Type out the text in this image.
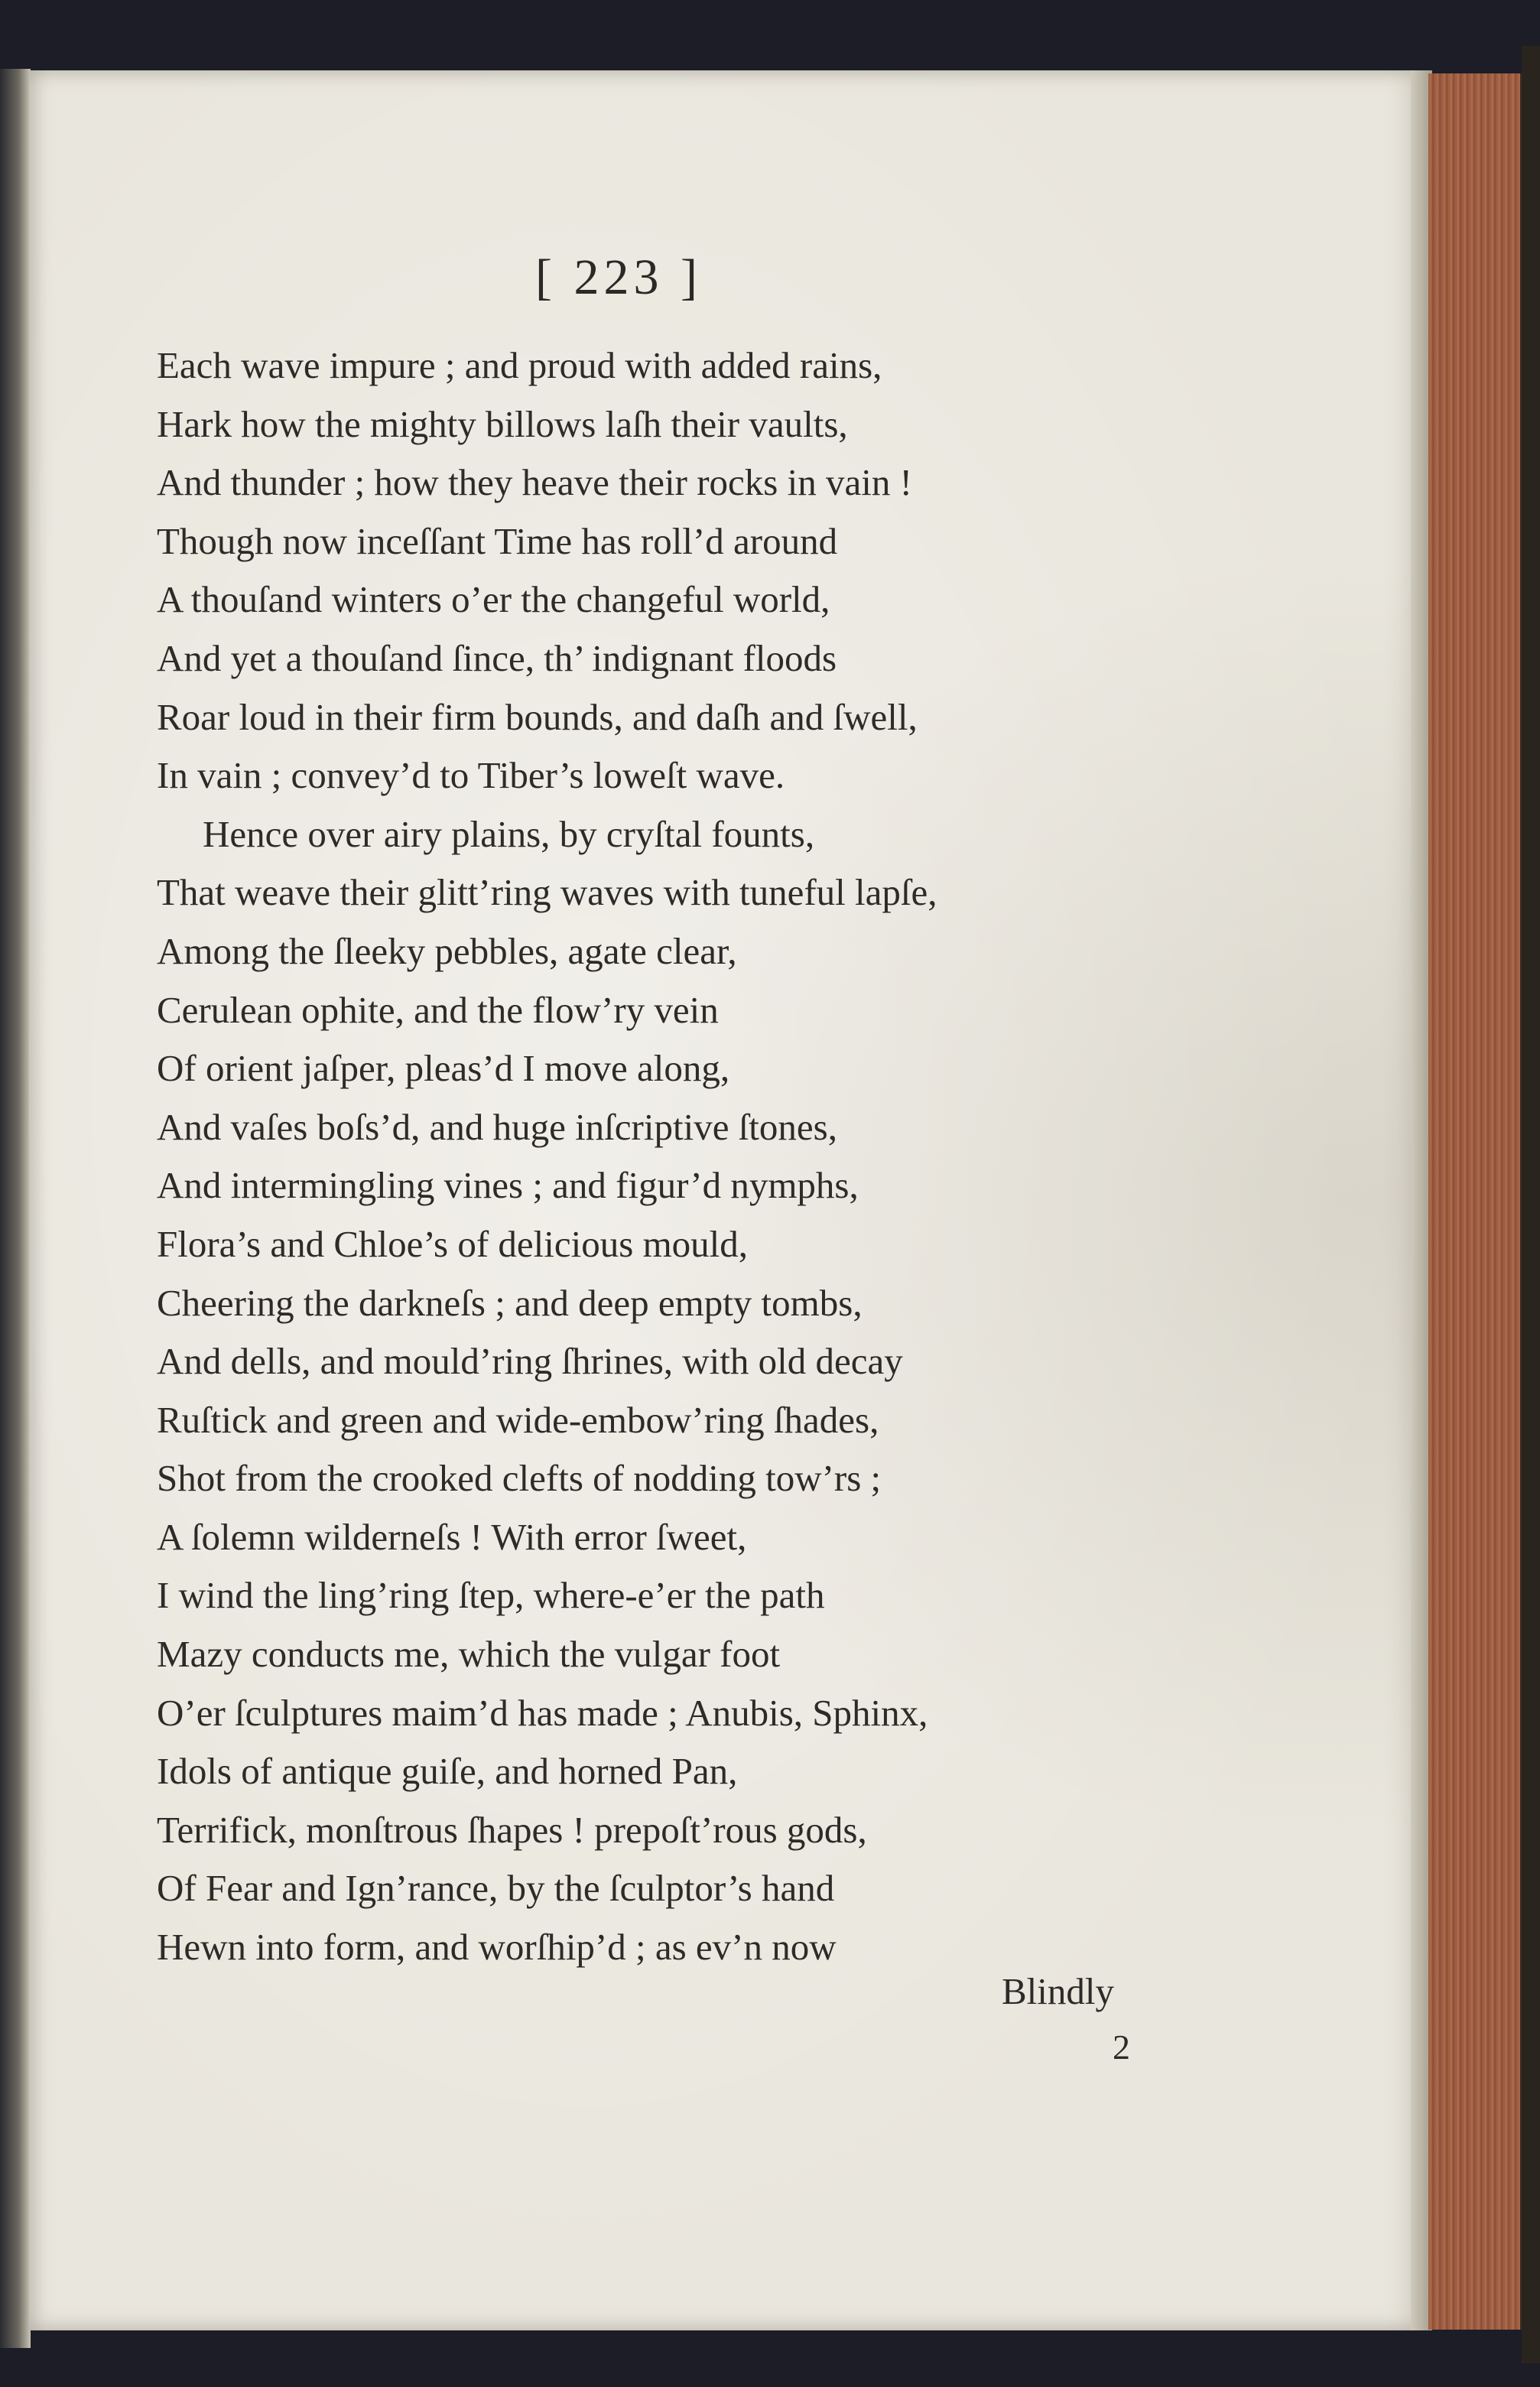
[ 223 ]
Each wave impure ; and proud with added rains,
Hark how the mighty billows laſh their vaults,
And thunder ; how they heave their rocks in vain !
Though now inceſſant Time has roll’d around
A thouſand winters o’er the changeful world,
And yet a thouſand ſince, th’ indignant floods
Roar loud in their firm bounds, and daſh and ſwell,
In vain ; convey’d to Tiber’s loweſt wave.
Hence over airy plains, by cryſtal founts,
That weave their glitt’ring waves with tuneful lapſe,
Among the ſleeky pebbles, agate clear,
Cerulean ophite, and the flow’ry vein
Of orient jaſper, pleas’d I move along,
And vaſes boſs’d, and huge inſcriptive ſtones,
And intermingling vines ; and figur’d nymphs,
Flora’s and Chloe’s of delicious mould,
Cheering the darkneſs ; and deep empty tombs,
And dells, and mould’ring ſhrines, with old decay
Ruſtick and green and wide-embow’ring ſhades,
Shot from the crooked clefts of nodding tow’rs ;
A ſolemn wilderneſs ! With error ſweet,
I wind the ling’ring ſtep, where-e’er the path
Mazy conducts me, which the vulgar foot
O’er ſculptures maim’d has made ; Anubis, Sphinx,
Idols of antique guiſe, and horned Pan,
Terrifick, monſtrous ſhapes ! prepoſt’rous gods,
Of Fear and Ign’rance, by the ſculptor’s hand
Hewn into form, and worſhip’d ; as ev’n now
Blindly
2
